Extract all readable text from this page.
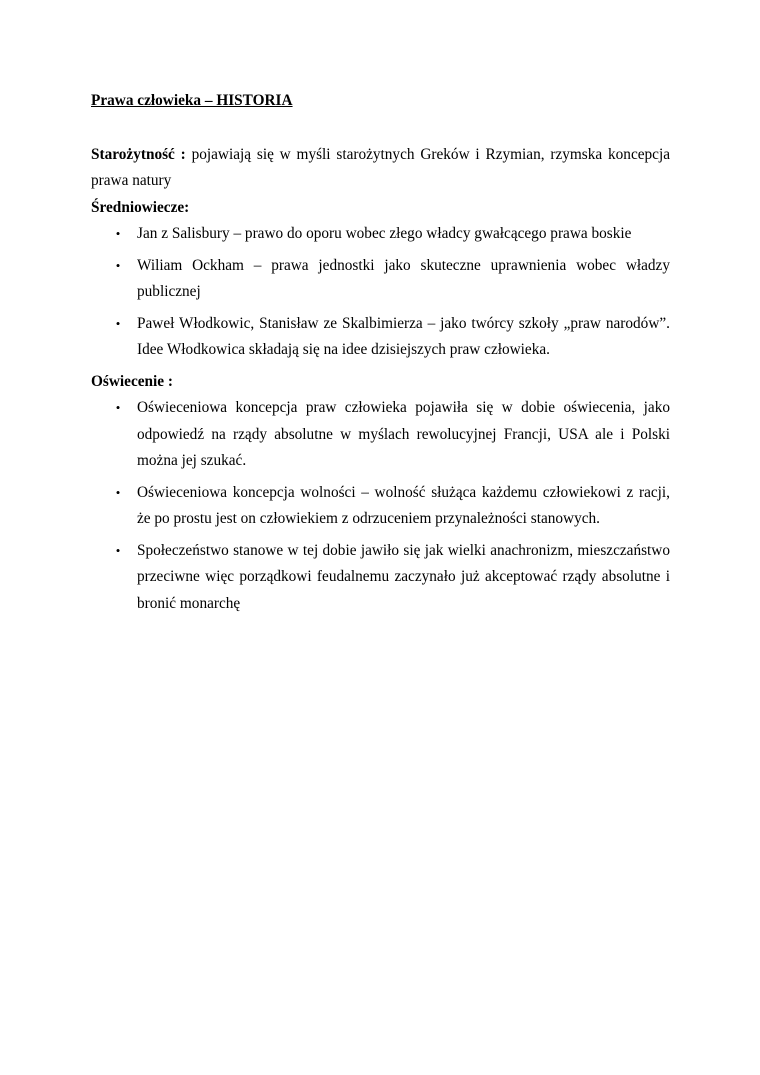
Prawa człowieka – HISTORIA

Starożytność : pojawiają się w myśli starożytnych Greków i Rzymian, rzymska koncepcja prawa natury

Średniowiecze:

• Jan z Salisbury – prawo do oporu wobec złego władcy gwałcącego prawa boskie
• Wiliam Ockham – prawa jednostki jako skuteczne uprawnienia wobec władzy publicznej
• Paweł Włodkowic, Stanisław ze Skalbimierza – jako twórcy szkoły „praw narodów”. Idee Włodkowica składają się na idee dzisiejszych praw człowieka.

Oświecenie :

• Oświeceniowa koncepcja praw człowieka pojawiła się w dobie oświecenia, jako odpowiedź na rządy absolutne w myślach rewolucyjnej Francji, USA ale i Polski można jej szukać.
• Oświeceniowa koncepcja wolności – wolność służąca każdemu człowiekowi z racji, że po prostu jest on człowiekiem z odrzuceniem przynależności stanowych.
• Społeczeństwo stanowe w tej dobie jawiło się jak wielki anachronizm, mieszczaństwo przeciwne więc porządkowi feudalnemu zaczynało już akceptować rządy absolutne i bronić monarchę
